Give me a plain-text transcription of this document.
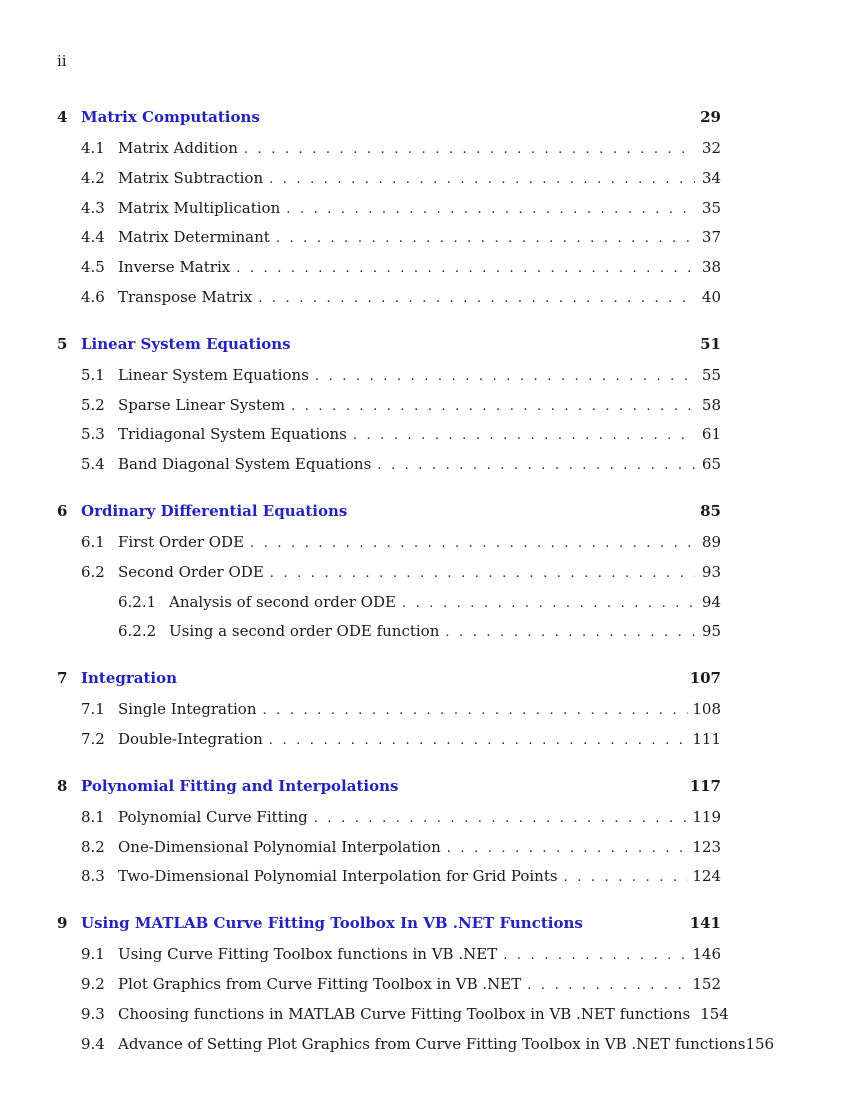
ii
4 Matrix Computations	29
4.1 Matrix Addition . . .	32
4.2 Matrix Subtraction . . .	34
4.3 Matrix Multiplication . . .	35
4.4 Matrix Determinant . . .	37
4.5 Inverse Matrix . . .	38
4.6 Transpose Matrix . . .	40
5 Linear System Equations	51
5.1 Linear System Equations . . .	55
5.2 Sparse Linear System . . .	58
5.3 Tridiagonal System Equations . . .	61
5.4 Band Diagonal System Equations . . .	65
6 Ordinary Differential Equations	85
6.1 First Order ODE . . .	89
6.2 Second Order ODE . . .	93
6.2.1 Analysis of second order ODE . . .	94
6.2.2 Using a second order ODE function . . .	95
7 Integration	107
7.1 Single Integration . . .	108
7.2 Double-Integration . . .	111
8 Polynomial Fitting and Interpolations	117
8.1 Polynomial Curve Fitting . . .	119
8.2 One-Dimensional Polynomial Interpolation . . .	123
8.3 Two-Dimensional Polynomial Interpolation for Grid Points . . .	124
9 Using MATLAB Curve Fitting Toolbox In VB .NET Functions	141
9.1 Using Curve Fitting Toolbox functions in VB .NET . . .	146
9.2 Plot Graphics from Curve Fitting Toolbox in VB .NET . . .	152
9.3 Choosing functions in MATLAB Curve Fitting Toolbox in VB .NET functions 154
9.4 Advance of Setting Plot Graphics from Curve Fitting Toolbox in VB .NET functions 156
